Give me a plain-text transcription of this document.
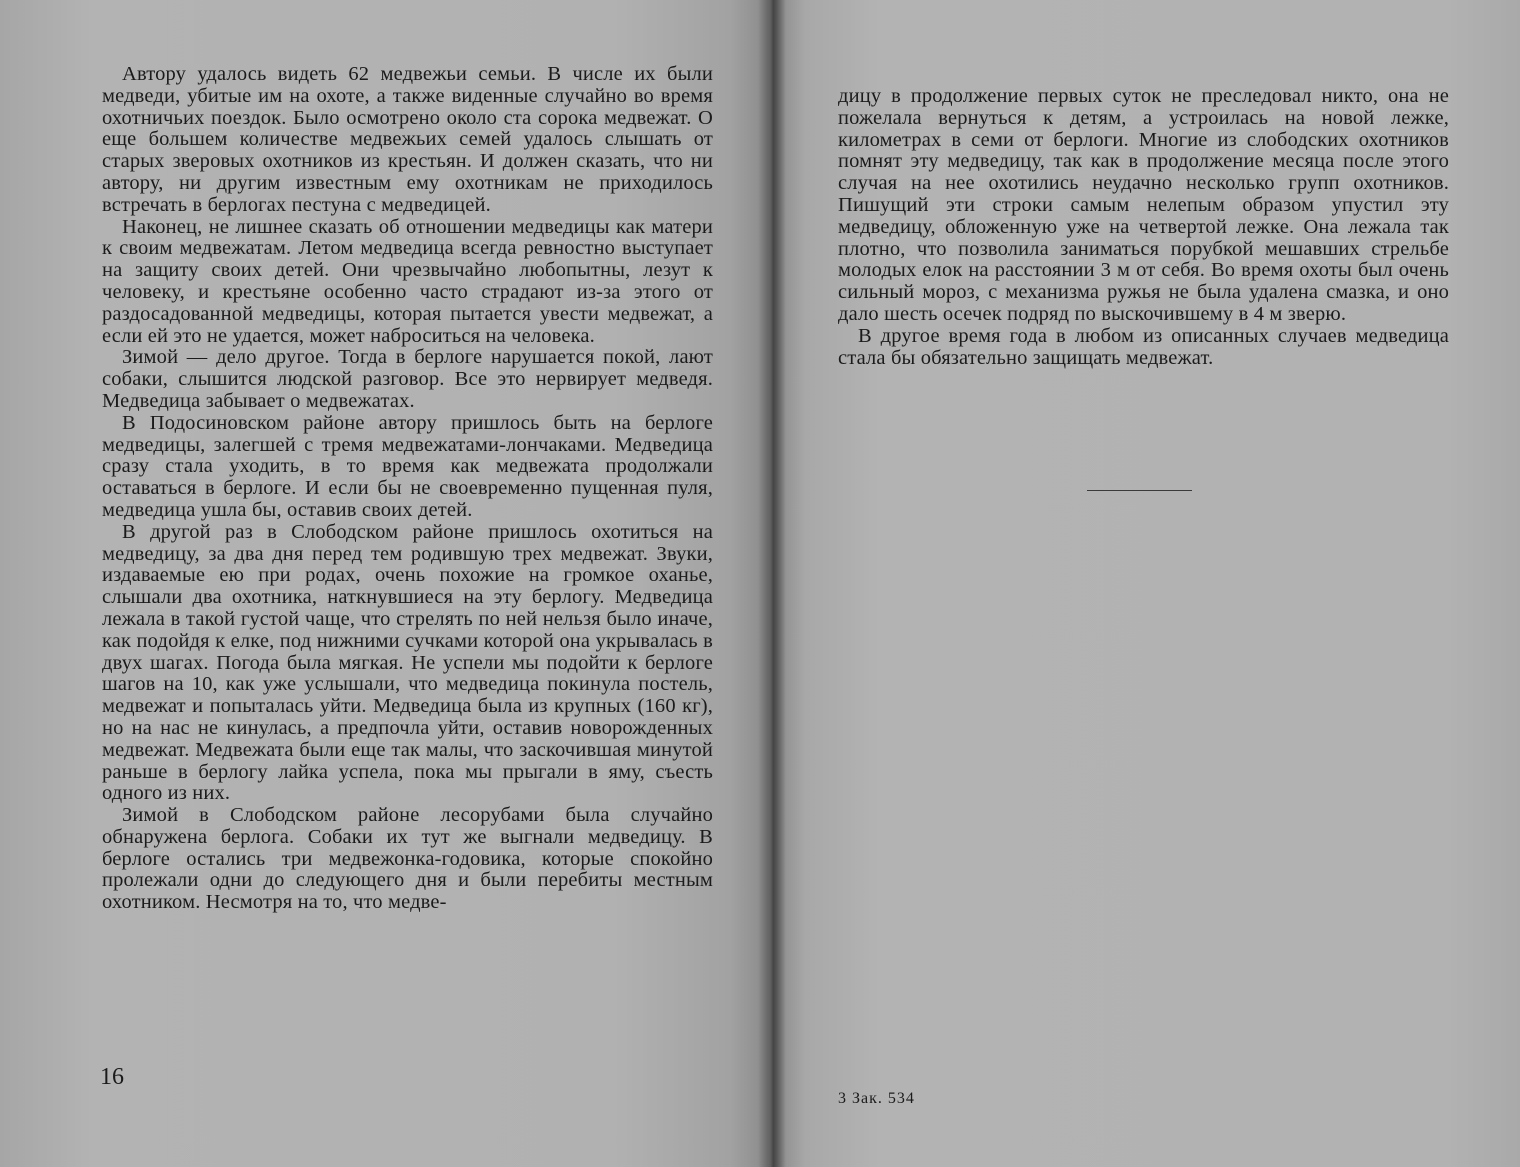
Автору удалось видеть 62 медвежьи семьи. В числе их были медведи, убитые им на охоте, а также виденные случайно во время охотничьих поездок. Было осмотрено около ста сорока медвежат. О еще большем количестве медвежьих семей удалось слышать от старых зверовых охотников из крестьян. И должен сказать, что ни автору, ни другим известным ему охотникам не приходилось встречать в берлогах пестуна с медведицей.

Наконец, не лишнее сказать об отношении медведицы как матери к своим медвежатам. Летом медведица всегда ревностно выступает на защиту своих детей. Они чрезвычайно любопытны, лезут к человеку, и крестьяне особенно часто страдают из-за этого от раздосадованной медведицы, которая пытается увести медвежат, а если ей это не удается, может наброситься на человека.

Зимой — дело другое. Тогда в берлоге нарушается покой, лают собаки, слышится людской разговор. Все это нервирует медведя. Медведица забывает о медвежатах.

В Подосиновском районе автору пришлось быть на берлоге медведицы, залегшей с тремя медвежатами-лончаками. Медведица сразу стала уходить, в то время как медвежата продолжали оставаться в берлоге. И если бы не своевременно пущенная пуля, медведица ушла бы, оставив своих детей.

В другой раз в Слободском районе пришлось охотиться на медведицу, за два дня перед тем родившую трех медвежат. Звуки, издаваемые ею при родах, очень похожие на громкое оханье, слышали два охотника, наткнувшиеся на эту берлогу. Медведица лежала в такой густой чаще, что стрелять по ней нельзя было иначе, как подойдя к елке, под нижними сучками которой она укрывалась в двух шагах. Погода была мягкая. Не успели мы подойти к берлоге шагов на 10, как уже услышали, что медведица покинула постель, медвежат и попыталась уйти. Медведица была из крупных (160 кг), но на нас не кинулась, а предпочла уйти, оставив новорожденных медвежат. Медвежата были еще так малы, что заскочившая минутой раньше в берлогу лайка успела, пока мы прыгали в яму, съесть одного из них.

Зимой в Слободском районе лесорубами была случайно обнаружена берлога. Собаки их тут же выгнали медведицу. В берлоге остались три медвежонка-годовика, которые спокойно пролежали одни до следующего дня и были перебиты местным охотником. Несмотря на то, что медве-

16

дицу в продолжение первых суток не преследовал никто, она не пожелала вернуться к детям, а устроилась на новой лежке, километрах в семи от берлоги. Многие из слободских охотников помнят эту медведицу, так как в продолжение месяца после этого случая на нее охотились неудачно несколько групп охотников. Пишущий эти строки самым нелепым образом упустил эту медведицу, обложенную уже на четвертой лежке. Она лежала так плотно, что позволила заниматься порубкой мешавших стрельбе молодых елок на расстоянии 3 м от себя. Во время охоты был очень сильный мороз, с механизма ружья не была удалена смазка, и оно дало шесть осечек подряд по выскочившему в 4 м зверю.

В другое время года в любом из описанных случаев медведица стала бы обязательно защищать медвежат.

3 Зак. 534
